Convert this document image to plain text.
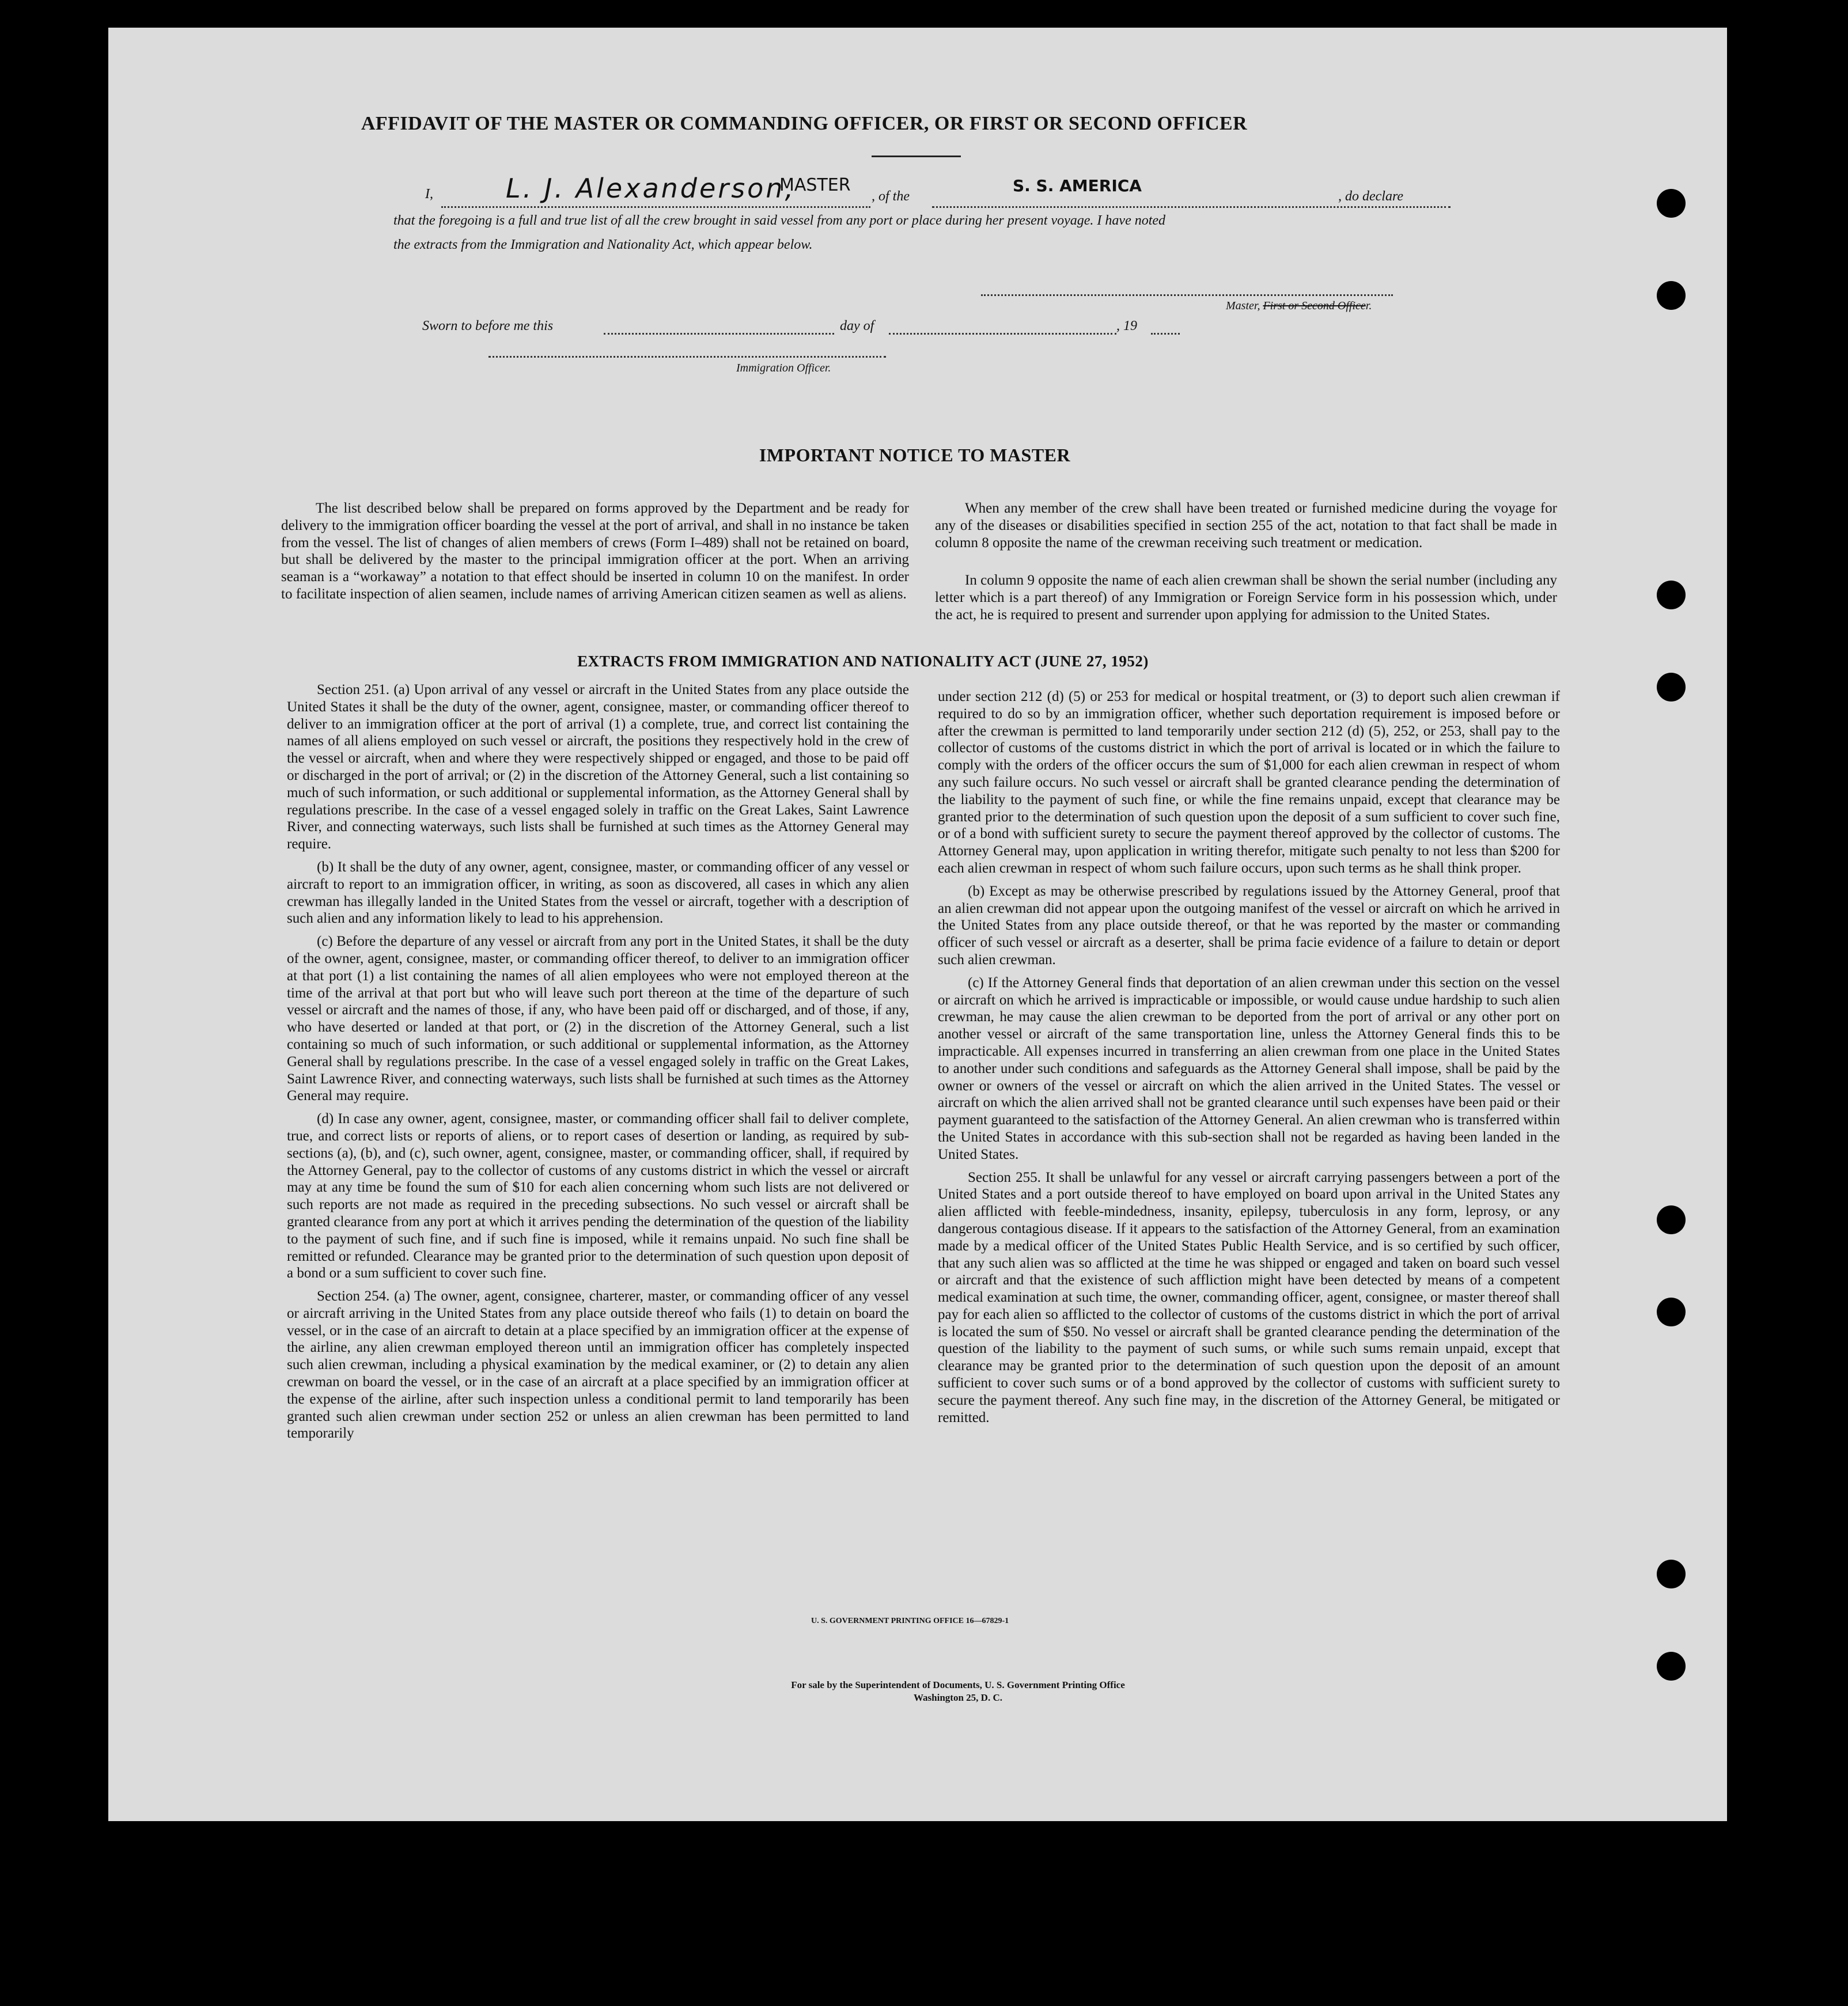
AFFIDAVIT OF THE MASTER OR COMMANDING OFFICER, OR FIRST OR SECOND OFFICER
I,	L. J. Alexanderson,
MASTER
, of the
S. S. AMERICA
, do declare
that the foregoing is a full and true list of all the crew brought in said vessel from any port or place during her present voyage. I have noted
the extracts from the Immigration and Nationality Act, which appear below.
Master, First or Second Officer.
Sworn to before me this	day of	, 19
Immigration Officer.
IMPORTANT NOTICE TO MASTER

The list described below shall be prepared on forms approved by the Department and be ready for delivery to the immigration officer boarding the vessel at the port of arrival, and shall in no instance be taken from the vessel. The list of changes of alien members of crews (Form I–489) shall not be retained on board, but shall be delivered by the master to the principal immigration officer at the port. When an arriving seaman is a “workaway” a notation to that effect should be inserted in column 10 on the manifest. In order to facilitate inspection of alien seamen, include names of arriving American citizen seamen as well as aliens.

When any member of the crew shall have been treated or furnished medicine during the voyage for any of the diseases or disabilities specified in section 255 of the act, notation to that fact shall be made in column 8 opposite the name of the crewman receiving such treatment or medication.

In column 9 opposite the name of each alien crewman shall be shown the serial number (including any letter which is a part thereof) of any Immigration or Foreign Service form in his possession which, under the act, he is required to present and surrender upon applying for admission to the United States.

EXTRACTS FROM IMMIGRATION AND NATIONALITY ACT (JUNE 27, 1952)

Section 251. (a) Upon arrival of any vessel or aircraft in the United States from any place outside the United States it shall be the duty of the owner, agent, consignee, master, or commanding officer thereof to deliver to an immigration officer at the port of arrival (1) a complete, true, and correct list containing the names of all aliens employed on such vessel or aircraft, the positions they respectively hold in the crew of the vessel or aircraft, when and where they were respectively shipped or engaged, and those to be paid off or discharged in the port of arrival; or (2) in the discretion of the Attorney General, such a list containing so much of such information, or such additional or supplemental information, as the Attorney General shall by regulations prescribe. In the case of a vessel engaged solely in traffic on the Great Lakes, Saint Lawrence River, and connecting waterways, such lists shall be furnished at such times as the Attorney General may require.

(b) It shall be the duty of any owner, agent, consignee, master, or commanding officer of any vessel or aircraft to report to an immigration officer, in writing, as soon as discovered, all cases in which any alien crewman has illegally landed in the United States from the vessel or aircraft, together with a description of such alien and any information likely to lead to his apprehension.

(c) Before the departure of any vessel or aircraft from any port in the United States, it shall be the duty of the owner, agent, consignee, master, or commanding officer thereof, to deliver to an immigration officer at that port (1) a list containing the names of all alien employees who were not employed thereon at the time of the arrival at that port but who will leave such port thereon at the time of the departure of such vessel or aircraft and the names of those, if any, who have been paid off or discharged, and of those, if any, who have deserted or landed at that port, or (2) in the discretion of the Attorney General, such a list containing so much of such information, or such additional or supplemental information, as the Attorney General shall by regulations prescribe. In the case of a vessel engaged solely in traffic on the Great Lakes, Saint Lawrence River, and connecting waterways, such lists shall be furnished at such times as the Attorney General may require.

(d) In case any owner, agent, consignee, master, or commanding officer shall fail to deliver complete, true, and correct lists or reports of aliens, or to report cases of desertion or landing, as required by sub-sections (a), (b), and (c), such owner, agent, consignee, master, or commanding officer, shall, if required by the Attorney General, pay to the collector of customs of any customs district in which the vessel or aircraft may at any time be found the sum of $10 for each alien concerning whom such lists are not delivered or such reports are not made as required in the preceding subsections. No such vessel or aircraft shall be granted clearance from any port at which it arrives pending the determination of the question of the liability to the payment of such fine, and if such fine is imposed, while it remains unpaid. No such fine shall be remitted or refunded. Clearance may be granted prior to the determination of such question upon deposit of a bond or a sum sufficient to cover such fine.

Section 254. (a) The owner, agent, consignee, charterer, master, or commanding officer of any vessel or aircraft arriving in the United States from any place outside thereof who fails (1) to detain on board the vessel, or in the case of an aircraft to detain at a place specified by an immigration officer at the expense of the airline, any alien crewman employed thereon until an immigration officer has completely inspected such alien crewman, including a physical examination by the medical examiner, or (2) to detain any alien crewman on board the vessel, or in the case of an aircraft at a place specified by an immigration officer at the expense of the airline, after such inspection unless a conditional permit to land temporarily has been granted such alien crewman under section 252 or unless an alien crewman has been permitted to land temporarily

under section 212 (d) (5) or 253 for medical or hospital treatment, or (3) to deport such alien crewman if required to do so by an immigration officer, whether such deportation requirement is imposed before or after the crewman is permitted to land temporarily under section 212 (d) (5), 252, or 253, shall pay to the collector of customs of the customs district in which the port of arrival is located or in which the failure to comply with the orders of the officer occurs the sum of $1,000 for each alien crewman in respect of whom any such failure occurs. No such vessel or aircraft shall be granted clearance pending the determination of the liability to the payment of such fine, or while the fine remains unpaid, except that clearance may be granted prior to the determination of such question upon the deposit of a sum sufficient to cover such fine, or of a bond with sufficient surety to secure the payment thereof approved by the collector of customs. The Attorney General may, upon application in writing therefor, mitigate such penalty to not less than $200 for each alien crewman in respect of whom such failure occurs, upon such terms as he shall think proper.

(b) Except as may be otherwise prescribed by regulations issued by the Attorney General, proof that an alien crewman did not appear upon the outgoing manifest of the vessel or aircraft on which he arrived in the United States from any place outside thereof, or that he was reported by the master or commanding officer of such vessel or aircraft as a deserter, shall be prima facie evidence of a failure to detain or deport such alien crewman.

(c) If the Attorney General finds that deportation of an alien crewman under this section on the vessel or aircraft on which he arrived is impracticable or impossible, or would cause undue hardship to such alien crewman, he may cause the alien crewman to be deported from the port of arrival or any other port on another vessel or aircraft of the same transportation line, unless the Attorney General finds this to be impracticable. All expenses incurred in transferring an alien crewman from one place in the United States to another under such conditions and safeguards as the Attorney General shall impose, shall be paid by the owner or owners of the vessel or aircraft on which the alien arrived in the United States. The vessel or aircraft on which the alien arrived shall not be granted clearance until such expenses have been paid or their payment guaranteed to the satisfaction of the Attorney General. An alien crewman who is transferred within the United States in accordance with this sub-section shall not be regarded as having been landed in the United States.

Section 255. It shall be unlawful for any vessel or aircraft carrying passengers between a port of the United States and a port outside thereof to have employed on board upon arrival in the United States any alien afflicted with feeble-mindedness, insanity, epilepsy, tuberculosis in any form, leprosy, or any dangerous contagious disease. If it appears to the satisfaction of the Attorney General, from an examination made by a medical officer of the United States Public Health Service, and is so certified by such officer, that any such alien was so afflicted at the time he was shipped or engaged and taken on board such vessel or aircraft and that the existence of such affliction might have been detected by means of a competent medical examination at such time, the owner, commanding officer, agent, consignee, or master thereof shall pay for each alien so afflicted to the collector of customs of the customs district in which the port of arrival is located the sum of $50. No vessel or aircraft shall be granted clearance pending the determination of the question of the liability to the payment of such sums, or while such sums remain unpaid, except that clearance may be granted prior to the determination of such question upon the deposit of an amount sufficient to cover such sums or of a bond approved by the collector of customs with sufficient surety to secure the payment thereof. Any such fine may, in the discretion of the Attorney General, be mitigated or remitted.

U. S. GOVERNMENT PRINTING OFFICE 16—67829-1
For sale by the Superintendent of Documents, U. S. Government Printing Office
Washington 25, D. C.
